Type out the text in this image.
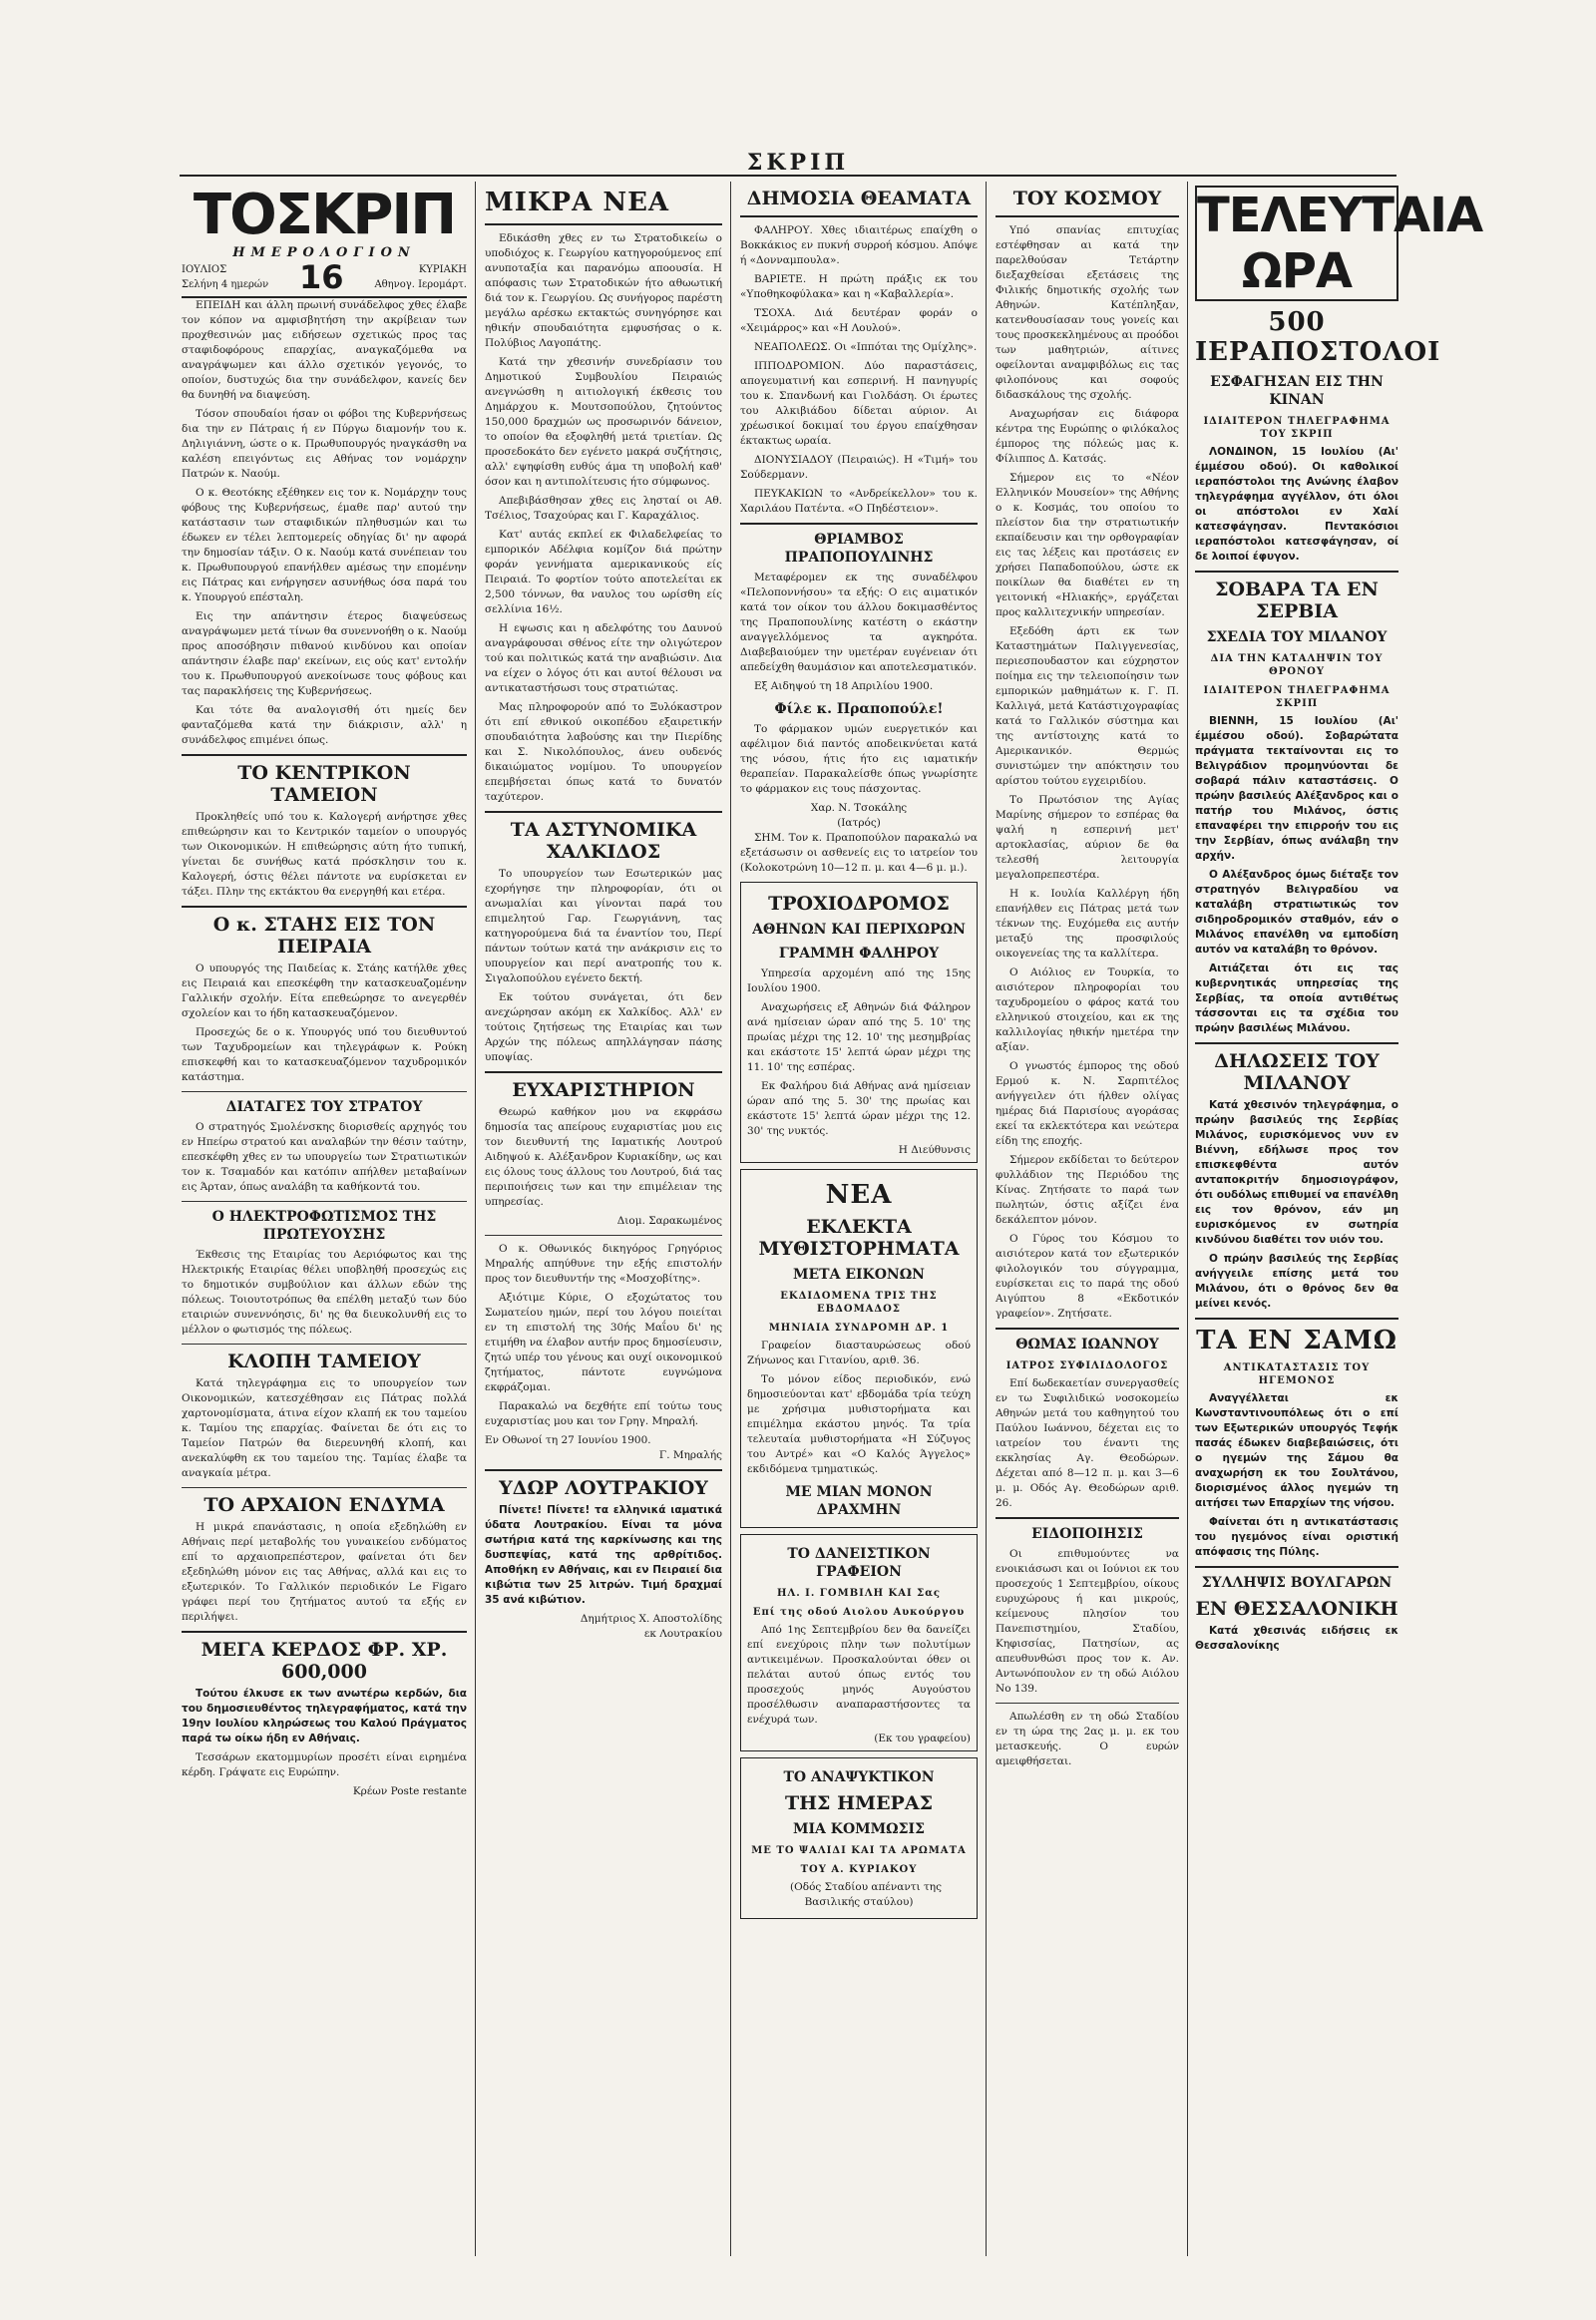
ΣΚΡΙΠ
ΤΟΣΚΡΙΠ
ΗΜΕΡΟΛΟΓΙΟΝ
ΙΟΥΛΙΟΣ
Σελήνη 4 ημερών 16	ΚΥΡΙΑΚΗ
Αθηνογ. Ιερομάρτ.

ΕΠΕΙΔΗ και άλλη πρωινή συνάδελφος χθες έλαβε τον κόπον να αμφισβητήση την ακρίβειαν των προχθεσινών μας ειδήσεων σχετικώς προς τας σταφιδοφόρους επαρχίας, αναγκαζόμεθα να αναγράψωμεν και άλλο σχετικόν γεγονός, το οποίον, δυστυχώς δια την συνάδελφον, κανείς δεν θα δυνηθή να διαψεύση.

Τόσον σπουδαίοι ήσαν οι φόβοι της Κυβερνήσεως δια την εν Πάτραις ή εν Πύργω διαμονήν του κ. Δηλιγιάννη, ώστε ο κ. Πρωθυπουργός ηναγκάσθη να καλέση επειγόντως εις Αθήνας τον νομάρχην Πατρών κ. Ναούμ.

Ο κ. Θεοτόκης εξέθηκεν εις τον κ. Νομάρχην τους φόβους της Κυβερνήσεως, έμαθε παρ' αυτού την κατάστασιν των σταφιδικών πληθυσμών και τω έδωκεν εν τέλει λεπτομερείς οδηγίας δι' ην αφορά την δημοσίαν τάξιν. Ο κ. Ναούμ κατά συνέπειαν του κ. Πρωθυπουργού επανήλθεν αμέσως την επομένην εις Πάτρας και ενήργησεν ασυνήθως όσα παρά του κ. Υπουργού επέσταλη.

Εις την απάντησιν έτερος διαψεύσεως αναγράψωμεν μετά τίνων θα συνεννοήθη ο κ. Ναούμ προς αποσόβησιν πιθανού κινδύνου και οποίαν απάντησιν έλαβε παρ' εκείνων, εις ούς κατ' εντολήν του κ. Πρωθυπουργού ανεκοίνωσε τους φόβους και τας παρακλήσεις της Κυβερνήσεως.

Και τότε θα αναλογισθή ότι ημείς δεν φανταζόμεθα κατά την διάκρισιν, αλλ' η συνάδελφος επιμένει όπως.

ΤΟ ΚΕΝΤΡΙΚΟΝ ΤΑΜΕΙΟΝ

Προκληθείς υπό του κ. Καλογερή ανήρτησε χθες επιθεώρησιν και το Κεντρικόν ταμείον ο υπουργός των Οικονομικών. Η επιθεώρησις αύτη ήτο τυπική, γίνεται δε συνήθως κατά πρόσκλησιν του κ. Καλογερή, όστις θέλει πάντοτε να ευρίσκεται εν τάξει. Πλην της εκτάκτου θα ενεργηθή και ετέρα.

Ο κ. ΣΤΑΗΣ ΕΙΣ ΤΟΝ ΠΕΙΡΑΙΑ

Ο υπουργός της Παιδείας κ. Στάης κατήλθε χθες εις Πειραιά και επεσκέφθη την κατασκευαζομένην Γαλλικήν σχολήν. Είτα επεθεώρησε το ανεγερθέν σχολείον και το ήδη κατασκευαζόμενον.

Προσεχώς δε ο κ. Υπουργός υπό του διευθυντού των Ταχυδρομείων και τηλεγράφων κ. Ρούκη επισκεφθή και το κατασκευαζόμενον ταχυδρομικόν κατάστημα.

ΔΙΑΤΑΓΕΣ ΤΟΥ ΣΤΡΑΤΟΥ

Ο στρατηγός Σμολένσκης διορισθείς αρχηγός του εν Ηπείρω στρατού και αναλαβών την θέσιν ταύτην, επεσκέφθη χθες εν τω υπουργείω των Στρατιωτικών τον κ. Τσαμαδόν και κατόπιν απήλθεν μεταβαίνων εις Άρταν, όπως αναλάβη τα καθήκοντά του.

Ο ΗΛΕΚΤΡΟΦΩΤΙΣΜΟΣ ΤΗΣ ΠΡΩΤΕΥΟΥΣΗΣ

Έκθεσις της Εταιρίας του Αεριόφωτος και της Ηλεκτρικής Εταιρίας θέλει υποβληθή προσεχώς εις το δημοτικόν συμβούλιον και άλλων εδών της πόλεως. Τοιουτοτρόπως θα επέλθη μεταξύ των δύο εταιριών συνεννόησις, δι' ης θα διευκολυνθή εις το μέλλον ο φωτισμός της πόλεως.

ΚΛΟΠΗ ΤΑΜΕΙΟΥ

Κατά τηλεγράφημα εις το υπουργείον των Οικονομικών, κατεσχέθησαν εις Πάτρας πολλά χαρτονομίσματα, άτινα είχον κλαπή εκ του ταμείου κ. Ταμίου της επαρχίας. Φαίνεται δε ότι εις το Ταμείον Πατρών θα διερευνηθή κλοπή, και ανεκαλύφθη εκ του ταμείου της. Ταμίας έλαβε τα αναγκαία μέτρα.

ΤΟ ΑΡΧΑΙΟΝ ΕΝΔΥΜΑ

Η μικρά επανάστασις, η οποία εξεδηλώθη εν Αθήναις περί μεταβολής του γυναικείου ενδύματος επί το αρχαιοπρεπέστερον, φαίνεται ότι δεν εξεδηλώθη μόνον εις τας Αθήνας, αλλά και εις το εξωτερικόν. Το Γαλλικόν περιοδικόν Le Figaro γράφει περί του ζητήματος αυτού τα εξής εν περιλήψει.

ΜΕΓΑ ΚΕΡΔΟΣ ΦΡ. ΧΡ. 600,000

Τούτου έλκυσε εκ των ανωτέρω κερδών, δια του δημοσιευθέντος τηλεγραφήματος, κατά την 19ην Ιουλίου κληρώσεως του Καλού Πράγματος παρά τω οίκω ήδη εν Αθήναις.

Τεσσάρων εκατομμυρίων προσέτι είναι ειρημένα κέρδη. Γράψατε εις Ευρώπην.

Κρέων Poste restante
ΜΙΚΡΑ ΝΕΑ

Εδικάσθη χθες εν τω Στρατοδικείω ο υποδιόχος κ. Γεωργίου κατηγορούμενος επί ανυποταξία και παρανόμω αποουσία. Η απόφασις των Στρατοδικών ήτο αθωωτική διά τον κ. Γεωργίου. Ως συνήγορος παρέστη μεγάλω αρέσκω εκτακτώς συνηγόρησε και ηθικήν σπουδαιότητα εμφυσήσας ο κ. Πολύβιος Λαγοπάτης.

Κατά την χθεσινήν συνεδρίασιν του Δημοτικού Συμβουλίου Πειραιώς ανεγνώσθη η αιτιολογική έκθεσις του Δημάρχου κ. Μουτσοπούλου, ζητούντος 150,000 δραχμών ως προσωρινόν δάνειον, το οποίον θα εξοφληθή μετά τριετίαν. Ως προσεδοκάτο δεν εγένετο μακρά συζήτησις, αλλ' εψηφίσθη ευθύς άμα τη υποβολή καθ' όσον και η αντιπολίτευσις ήτο σύμφωνος.

Απεβιβάσθησαν χθες εις λησταί οι Αθ. Τσέλιος, Τσαχούρας και Γ. Καραχάλιος.

Κατ' αυτάς εκπλεί εκ Φιλαδελφείας το εμπορικόν Αδέλφια κομίζον διά πρώτην φοράν γεννήματα αμερικανικούς είς Πειραιά. Το φορτίον τούτο αποτελείται εκ 2,500 τόννων, θα ναυλος του ωρίσθη είς σελλίνια 16½.

Η εψωσις και η αδελφότης του Δαυνού αναγράφουσαι σθένος είτε την ολιγώτερον τού και πολιτικώς κατά την αναβιώσιν. Δια να είχεν ο λόγος ότι και αυτοί θέλουσι να αντικαταστήσωσι τους στρατιώτας.

Μας πληροφορούν από το Ξυλόκαστρον ότι επί εθνικού οικοπέδου εξαιρετικήν σπουδαιότητα λαβούσης και την Πιερίδης και Σ. Νικολόπουλος, άνευ ουδενός δικαιώματος νομίμου. Το υπουργείον επεμβήσεται όπως κατά το δυνατόν ταχύτερον.

ΤΑ ΑΣΤΥΝΟΜΙΚΑ ΧΑΛΚΙΔΟΣ

Το υπουργείον των Εσωτερικών μας εχορήγησε την πληροφορίαν, ότι οι ανωμαλίαι και γίνονται παρά του επιμελητού Γαρ. Γεωργιάννη, τας κατηγορούμενα διά τα έναντίον του, Περί πάντων τούτων κατά την ανάκρισιν εις το υπουργείον και περί ανατροπής του κ. Σιγαλοπούλου εγένετο δεκτή.

Εκ τούτου συνάγεται, ότι δεν ανεχώρησαν ακόμη εκ Χαλκίδος. Αλλ' εν τούτοις ζητήσεως της Εταιρίας και των Αρχών της πόλεως απηλλάγησαν πάσης υποψίας.

ΕΥΧΑΡΙΣΤΗΡΙΟΝ

Θεωρώ καθήκον μου να εκφράσω δημοσία τας απείρους ευχαριστίας μου εις τον διευθυντή της Ιαματικής Λουτρού Αιδηψού κ. Αλέξανδρον Κυριακίδην, ως και εις όλους τους άλλους του Λουτρού, διά τας περιποιήσεις των και την επιμέλειαν της υπηρεσίας.

Διομ. Σαρακωμένος

Ο κ. Οθωνικός δικηγόρος Γρηγόριος Μηραλής απηύθυνε την εξής επιστολήν προς τον διευθυντήν της «Μοσχοβίτης».

Αξιότιμε Κύριε, Ο εξοχώτατος του Σωματείου ημών, περί του λόγου ποιείται εν τη επιστολή της 30ής Μαΐου δι' ης ετιμήθη να έλαβον αυτήν προς δημοσίευσιν, ζητώ υπέρ του γένους και ουχί οικονομικού ζητήματος, πάντοτε ευγνώμονα εκφράζομαι.

Παρακαλώ να δεχθήτε επί τούτω τους ευχαριστίας μου και τον Γρηγ. Μηραλή.

Εν Οθωνοί τη 27 Ιουνίου 1900.
Γ. Μηραλής
ΥΔΩΡ ΛΟΥΤΡΑΚΙΟΥ

Πίνετε! Πίνετε! τα ελληνικά ιαματικά ύδατα Λουτρακίου. Είναι τα μόνα σωτήρια κατά της καρκίνωσης και της δυσπεψίας, κατά της αρθρίτιδος. Αποθήκη εν Αθήναις, και εν Πειραιεί δια κιβώτια των 25 λιτρών. Τιμή δραχμαί 35 ανά κιβώτιον.

Δημήτριος Χ. Αποστολίδης
εκ Λουτρακίου
ΔΗΜΟΣΙΑ ΘΕΑΜΑΤΑ

ΦΑΛΗΡΟΥ. Χθες ιδιαιτέρως επαίχθη ο Βοκκάκιος εν πυκνή συρροή κόσμου. Απόψε ή «Δονναμπουλα».

ΒΑΡΙΕΤΕ. Η πρώτη πράξις εκ του «Υποθηκοφύλακα» και η «Καβαλλερία».

ΤΣΟΧΑ. Διά δευτέραν φοράν ο «Χειμάρρος» και «Η Λουλού».

ΝΕΑΠΟΛΕΩΣ. Οι «Ιππόται της Ομίχλης».

ΙΠΠΟΔΡΟΜΙΟΝ. Δύο παραστάσεις, απογευματινή και εσπερινή. Η πανηγυρίς του κ. Σπανδωνή και Γιολδάση. Οι έρωτες του Αλκιβιάδου δίδεται αύριον. Αι χρέωσικοί δοκιμαί του έργου επαίχθησαν έκτακτως ωραία.

ΔΙΟΝΥΣΙΑΔΟΥ (Πειραιώς). Η «Τιμή» του Σούδερμανν.

ΠΕΥΚΑΚΙΩΝ το «Ανδρείκελλον» του κ. Χαριλάου Πατέντα. «Ο Πηδέστειον».

ΘΡΙΑΜΒΟΣ ΠΡΑΠΟΠΟΥΛΙΝΗΣ

Μεταφέρομεν εκ της συναδέλφου «Πελοποννήσου» τα εξής: Ο εις αιματικόν κατά τον οίκον του άλλου δοκιμασθέντος της Πραποπουλίνης κατέστη ο εκάστην αναγγελλόμενος τα αγκηρότα. Διαβεβαιούμεν την υμετέραν ευγένειαν ότι απεδείχθη θαυμάσιον και αποτελεσματικόν.

Εξ Αιδηψού τη 18 Απριλίου 1900.

Φίλε κ. Πραποπούλε!

Το φάρμακον υμών ευεργετικόν και αφέλιμον διά παντός αποδεικνύεται κατά της νόσου, ήτις ήτο εις ιαματικήν θεραπείαν. Παρακαλείσθε όπως γνωρίσητε το φάρμακον εις τους πάσχοντας.

Χαρ. Ν. Τσοκάλης
(Ιατρός)

ΣΗΜ. Τον κ. Πραποπούλον παρακαλώ να εξετάσωσιν οι ασθενείς εις το ιατρείον του (Κολοκοτρώνη 10—12 π. μ. και 4—6 μ. μ.).

ΤΡΟΧΙΟΔΡΟΜΟΣ
ΑΘΗΝΩΝ ΚΑΙ ΠΕΡΙΧΩΡΩΝ
ΓΡΑΜΜΗ ΦΑΛΗΡΟΥ

Υπηρεσία αρχομένη από της 15ης Ιουλίου 1900.

Αναχωρήσεις εξ Αθηνών διά Φάληρον ανά ημίσειαν ώραν από της 5. 10' της πρωίας μέχρι της 12. 10' της μεσημβρίας και εκάστοτε 15' λεπτά ώραν μέχρι της 11. 10' της εσπέρας.

Εκ Φαλήρου διά Αθήνας ανά ημίσειαν ώραν από της 5. 30' της πρωίας και εκάστοτε 15' λεπτά ώραν μέχρι της 12. 30' της νυκτός.

Η Διεύθυνσις
ΝΕΑ
ΕΚΛΕΚΤΑ ΜΥΘΙΣΤΟΡΗΜΑΤΑ
ΜΕΤΑ ΕΙΚΟΝΩΝ
ΕΚΔΙΔΟΜΕΝΑ ΤΡΙΣ ΤΗΣ ΕΒΔΟΜΑΔΟΣ
ΜΗΝΙΑΙΑ ΣΥΝΔΡΟΜΗ ΔΡ. 1

Γραφείον διασταυρώσεως οδού Ζήνωνος και Γιτανίου, αριθ. 36.

Το μόνον είδος περιοδικόν, ενώ δημοσιεύονται κατ' εβδομάδα τρία τεύχη με χρήσιμα μυθιστορήματα και επιμέλημα εκάστου μηνός. Τα τρία τελευταία μυθιστορήματα «Η Σύζυγος του Αντρέ» και «Ο Καλός Άγγελος» εκδιδόμενα τμηματικώς.

ΜΕ ΜΙΑΝ ΜΟΝΟΝ ΔΡΑΧΜΗΝ
ΤΟ ΔΑΝΕΙΣΤΙΚΟΝ ΓΡΑΦΕΙΟΝ
ΗΛ. Ι. ΓΟΜΒΙΛΗ ΚΑΙ Σας
Επί της οδού Αιολου Αυκούργου

Από 1ης Σεπτεμβρίου δεν θα δανείζει επί ενεχύροις πλην των πολυτίμων αντικειμένων. Προσκαλούνται όθεν οι πελάται αυτού όπως εντός του προσεχούς μηνός Αυγούστου προσέλθωσιν αναπαραστήσοντες τα ενέχυρά των.

(Εκ του γραφείου)
ΤΟ ΑΝΑΨΥΚΤΙΚΟΝ
ΤΗΣ ΗΜΕΡΑΣ
ΜΙΑ ΚΟΜΜΩΣΙΣ
ΜΕ ΤΟ ΨΑΛΙΔΙ ΚΑΙ ΤΑ ΑΡΩΜΑΤΑ
ΤΟΥ Α. ΚΥΡΙΑΚΟΥ

(Οδός Σταδίου απέναντι της Βασιλικής σταύλου)

ΤΟΥ ΚΟΣΜΟΥ

Υπό σπανίας επιτυχίας εστέφθησαν αι κατά την παρελθούσαν Τετάρτην διεξαχθείσαι εξετάσεις της Φιλικής δημοτικής σχολής των Αθηνών. Κατέπληξαν, κατενθουσίασαν τους γονείς και τους προσκεκλημένους αι προόδοι των μαθητριών, αίτινες οφείλονται αναμφιβόλως εις τας φιλοπόνους και σοφούς διδασκάλους της σχολής.

Αναχωρήσαν εις διάφορα κέντρα της Ευρώπης ο φιλόκαλος έμπορος της πόλεώς μας κ. Φίλιππος Δ. Κατσάς.

Σήμερον εις το «Νέον Ελληνικόν Μουσείον» της Αθήνης ο κ. Κοσμάς, του οποίου το πλείστον δια την στρατιωτικήν εκπαίδευσιν και την ορθογραφίαν εις τας λέξεις και προτάσεις εν χρήσει Παπαδοπούλου, ώστε εκ ποικίλων θα διαθέτει εν τη γειτονική «Ηλιακής», εργάζεται προς καλλιτεχνικήν υπηρεσίαν.

Εξεδόθη άρτι εκ των Καταστημάτων Παλιγγενεσίας, περιεσπουδαστον και εύχρηστον ποίημα εις την τελειοποίησιν των εμπορικών μαθημάτων κ. Γ. Π. Καλλιγά, μετά Κατάστιχογραφίας κατά το Γαλλικόν σύστημα και της αντίστοιχης κατά το Αμερικανικόν. Θερμώς συνιστώμεν την απόκτησιν του αρίστου τούτου εγχειριδίου.

Το Πρωτόσιον της Αγίας Μαρίνης σήμερον το εσπέρας θα ψαλή η εσπερινή μετ' αρτοκλασίας, αύριον δε θα τελεσθή λειτουργία μεγαλοπρεπεστέρα.

Η κ. Ιουλία Καλλέργη ήδη επανήλθεν εις Πάτρας μετά των τέκνων της. Ευχόμεθα εις αυτήν μεταξύ της προσφιλούς οικογενείας της τα καλλίτερα.

Ο Αιόλιος εν Τουρκία, το αισιότερον πληροφορίαι του ταχυδρομείου ο φάρος κατά του ελληνικού στοιχείου, και εκ της καλλιλογίας ηθικήν ημετέρα την αξίαν.

Ο γνωστός έμπορος της οδού Ερμού κ. Ν. Σαρπιτέλος ανήγγειλεν ότι ήλθεν ολίγας ημέρας διά Παρισίους αγοράσας εκεί τα εκλεκτότερα και νεώτερα είδη της εποχής.

Σήμερον εκδίδεται το δεύτερον φυλλάδιον της Περιόδου της Κίνας. Ζητήσατε το παρά των πωλητών, όστις αξίζει ένα δεκάλεπτον μόνον.

Ο Γύρος του Κόσμου το αισιότερον κατά τον εξωτερικόν φιλολογικόν του σύγγραμμα, ευρίσκεται εις το παρά της οδού Αιγύπτου 8 «Εκδοτικόν γραφείον». Ζητήσατε.

ΘΩΜΑΣ ΙΩΑΝΝΟΥ
ΙΑΤΡΟΣ ΣΥΦΙΛΙΔΟΛΟΓΟΣ

Επί δωδεκαετίαν συνεργασθείς εν τω Συφιλιδικώ νοσοκομείω Αθηνών μετά του καθηγητού του Παύλου Ιωάννου, δέχεται εις το ιατρείον του έναντι της εκκλησίας Αγ. Θεοδώρων. Δέχεται από 8—12 π. μ. και 3—6 μ. μ. Οδός Αγ. Θεοδώρων αριθ. 26.

ΕΙΔΟΠΟΙΗΣΙΣ

Οι επιθυμούντες να ενοικιάσωσι και οι Ιούνιοι εκ του προσεχούς 1 Σεπτεμβρίου, οίκους ευρυχώρους ή και μικρούς, κείμενους πλησίον του Πανεπιστημίου, Σταδίου, Κηφισσίας, Πατησίων, ας απευθυνθώσι προς τον κ. Αν. Αντωνόπουλον εν τη οδώ Αιόλου Νο 139.

Απωλέσθη εν τη οδώ Σταδίου εν τη ώρα της 2ας μ. μ. εκ του μετασκευής. Ο ευρών αμειφθήσεται.

ΤΕΛΕΥΤΑΙΑ ΩΡΑ
500 ΙΕΡΑΠΟΣΤΟΛΟΙ
ΕΣΦΑΓΗΣΑΝ ΕΙΣ ΤΗΝ ΚΙΝΑΝ
ΙΔΙΑΙΤΕΡΟΝ ΤΗΛΕΓΡΑΦΗΜΑ ΤΟΥ ΣΚΡΙΠ

ΛΟΝΔΙΝΟΝ, 15 Ιουλίου (Αι' έμμέσου οδού). Οι καθολικοί ιεραπόστολοι της Ανώνης έλαβον τηλεγράφημα αγγέλλον, ότι όλοι οι απόστολοι εν Χαλί κατεσφάγησαν. Πεντακόσιοι ιεραπόστολοι κατεσφάγησαν, οί δε λοιποί έφυγον.

ΣΟΒΑΡΑ ΤΑ ΕΝ ΣΕΡΒΙΑ
ΣΧΕΔΙΑ ΤΟΥ ΜΙΛΑΝΟΥ
ΔΙΑ ΤΗΝ ΚΑΤΑΛΗΨΙΝ ΤΟΥ ΘΡΟΝΟΥ
ΙΔΙΑΙΤΕΡΟΝ ΤΗΛΕΓΡΑΦΗΜΑ ΣΚΡΙΠ

ΒΙΕΝΝΗ, 15 Ιουλίου (Αι' έμμέσου οδού). Σοβαρώτατα πράγματα τεκταίνονται εις το Βελιγράδιον προμηνύονται δε σοβαρά πάλιν καταστάσεις. Ο πρώην βασιλεύς Αλέξανδρος και ο πατήρ του Μιλάνος, όστις επαναφέρει την επιρροήν του εις την Σερβίαν, όπως ανάλαβη την αρχήν.

Ο Αλέξανδρος όμως διέταξε τον στρατηγόν Βελιγραδίου να καταλάβη στρατιωτικώς τον σιδηροδρομικόν σταθμόν, εάν ο Μιλάνος επανέλθη να εμποδίση αυτόν να καταλάβη το θρόνον.

Αιτιάζεται ότι εις τας κυβερνητικάς υπηρεσίας της Σερβίας, τα οποία αντιθέτως τάσσονται εις τα σχέδια του πρώην βασιλέως Μιλάνου.

ΔΗΛΩΣΕΙΣ ΤΟΥ ΜΙΛΑΝΟΥ

Κατά χθεσινόν τηλεγράφημα, ο πρώην βασιλεύς της Σερβίας Μιλάνος, ευρισκόμενος νυν εν Βιέννη, εδήλωσε προς τον επισκεφθέντα αυτόν ανταποκριτήν δημοσιογράφον, ότι ουδόλως επιθυμεί να επανέλθη εις τον θρόνον, εάν μη ευρισκόμενος εν σωτηρία κινδύνου διαθέτει τον υιόν του.

Ο πρώην βασιλεύς της Σερβίας ανήγγειλε επίσης μετά του Μιλάνου, ότι ο θρόνος δεν θα μείνει κενός.

ΤΑ ΕΝ ΣΑΜΩ
ΑΝΤΙΚΑΤΑΣΤΑΣΙΣ ΤΟΥ ΗΓΕΜΟΝΟΣ

Αναγγέλλεται εκ Κωνσταντινουπόλεως ότι ο επί των Εξωτερικών υπουργός Τεφήκ πασάς έδωκεν διαβεβαιώσεις, ότι ο ηγεμών της Σάμου θα αναχωρήση εκ του Σουλτάνου, διορισμένος άλλος ηγεμών τη αιτήσει των Επαρχίων της νήσου.

Φαίνεται ότι η αντικατάστασις του ηγεμόνος είναι οριστική απόφασις της Πύλης.

ΣΥΛΛΗΨΙΣ ΒΟΥΛΓΑΡΩΝ
ΕΝ ΘΕΣΣΑΛΟΝΙΚΗ

Κατά χθεσινάς ειδήσεις εκ Θεσσαλονίκης
